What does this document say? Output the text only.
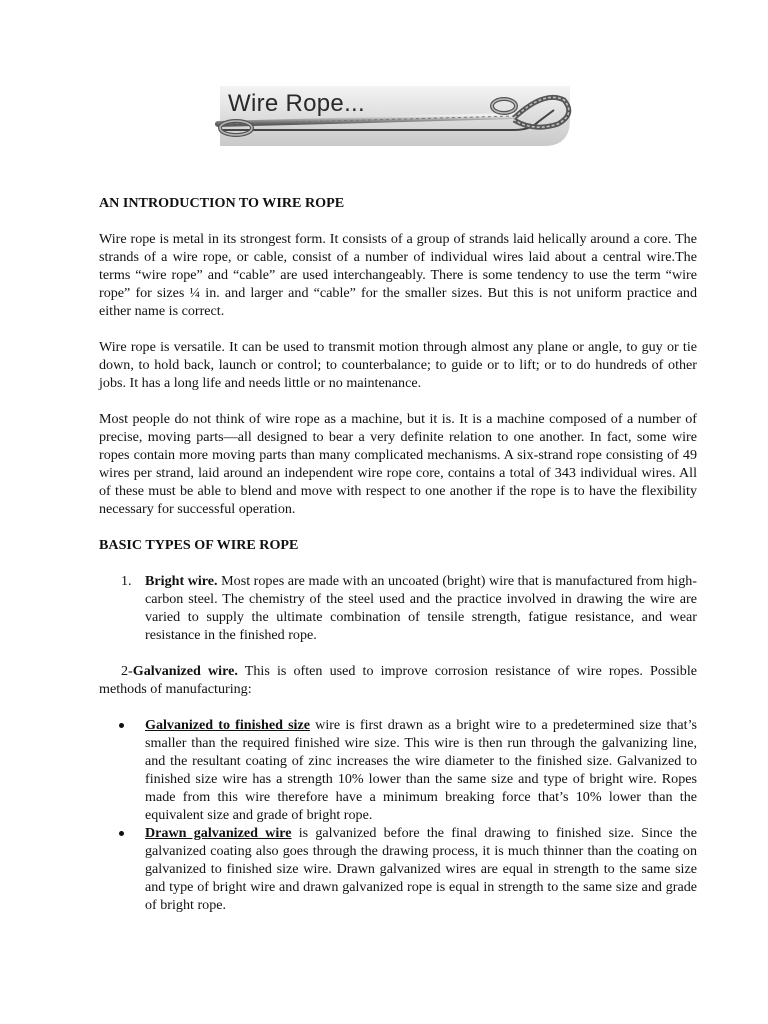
Wire Rope...

AN INTRODUCTION TO WIRE ROPE

Wire rope is metal in its strongest form. It consists of a group of strands laid helically around a core. The strands of a wire rope, or cable, consist of a number of individual wires laid about a central wire.The terms “wire rope” and “cable” are used interchangeably. There is some tendency to use the term “wire rope” for sizes ¼ in. and larger and “cable” for the smaller sizes. But this is not uniform practice and either name is correct.

Wire rope is versatile. It can be used to transmit motion through almost any plane or angle, to guy or tie down, to hold back, launch or control; to counterbalance; to guide or to lift; or to do hundreds of other jobs. It has a long life and needs little or no maintenance.

Most people do not think of wire rope as a machine, but it is. It is a machine composed of a number of precise, moving parts—all designed to bear a very definite relation to one another. In fact, some wire ropes contain more moving parts than many complicated mechanisms. A six-strand rope consisting of 49 wires per strand, laid around an independent wire rope core, contains a total of 343 individual wires. All of these must be able to blend and move with respect to one another if the rope is to have the flexibility necessary for successful operation.

BASIC TYPES OF WIRE ROPE

1. Bright wire. Most ropes are made with an uncoated (bright) wire that is manufactured from high-carbon steel. The chemistry of the steel used and the practice involved in drawing the wire are varied to supply the ultimate combination of tensile strength, fatigue resistance, and wear resistance in the finished rope.

2-Galvanized wire. This is often used to improve corrosion resistance of wire ropes. Possible methods of manufacturing:

Galvanized to finished size wire is first drawn as a bright wire to a predetermined size that’s smaller than the required finished wire size. This wire is then run through the galvanizing line, and the resultant coating of zinc increases the wire diameter to the finished size. Galvanized to finished size wire has a strength 10% lower than the same size and type of bright wire. Ropes made from this wire therefore have a minimum breaking force that’s 10% lower than the equivalent size and grade of bright rope.

Drawn galvanized wire is galvanized before the final drawing to finished size. Since the galvanized coating also goes through the drawing process, it is much thinner than the coating on galvanized to finished size wire. Drawn galvanized wires are equal in strength to the same size and type of bright wire and drawn galvanized rope is equal in strength to the same size and grade of bright rope.
